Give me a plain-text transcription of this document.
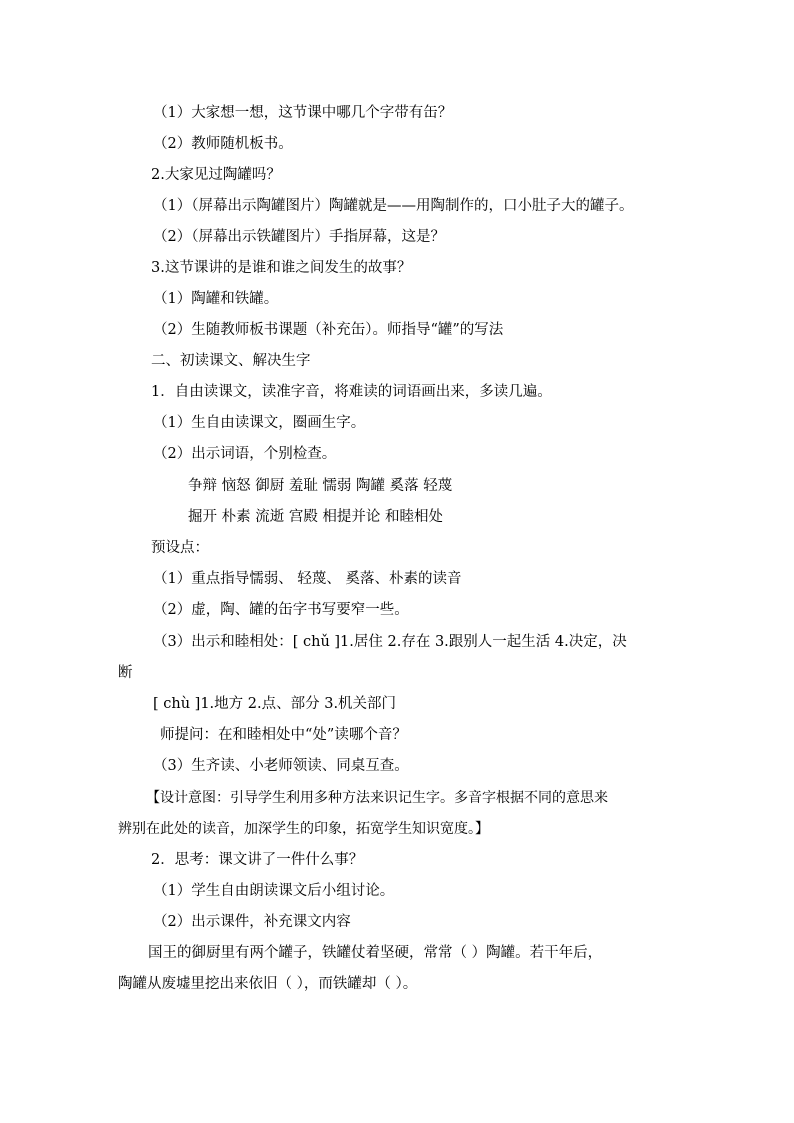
（1）大家想一想，这节课中哪几个字带有缶？
（2）教师随机板书。
2.大家见过陶罐吗？
（1）（屏幕出示陶罐图片）陶罐就是——用陶制作的，口小肚子大的罐子。
（2）（屏幕出示铁罐图片）手指屏幕，这是？
3.这节课讲的是谁和谁之间发生的故事？
（1）陶罐和铁罐。
（2）生随教师板书课题（补充缶）。师指导“罐”的写法
二、初读课文、解决生字
1．自由读课文，读准字音，将难读的词语画出来，多读几遍。
（1）生自由读课文，圈画生字。
（2）出示词语，个别检查。
争辩 恼怒 御厨 羞耻 懦弱 陶罐 奚落 轻蔑
掘开 朴素 流逝 宫殿 相提并论 和睦相处
预设点：
（1）重点指导懦弱、 轻蔑、 奚落、朴素的读音
（2）虚，陶、罐的缶字书写要窄一些。
（3）出示和睦相处：[ chǔ ]1.居住 2.存在 3.跟别人一起生活 4.决定，决
断
[ chù ]1.地方 2.点、部分 3.机关部门
师提问：在和睦相处中“处”读哪个音？
（3）生齐读、小老师领读、同桌互查。
【设计意图：引导学生利用多种方法来识记生字。多音字根据不同的意思来
辨别在此处的读音，加深学生的印象，拓宽学生知识宽度。】
2．思考：课文讲了一件什么事？
（1）学生自由朗读课文后小组讨论。
（2）出示课件，补充课文内容
国王的御厨里有两个罐子，铁罐仗着坚硬，常常（ ）陶罐。若干年后，
陶罐从废墟里挖出来依旧（ ），而铁罐却（ ）。
